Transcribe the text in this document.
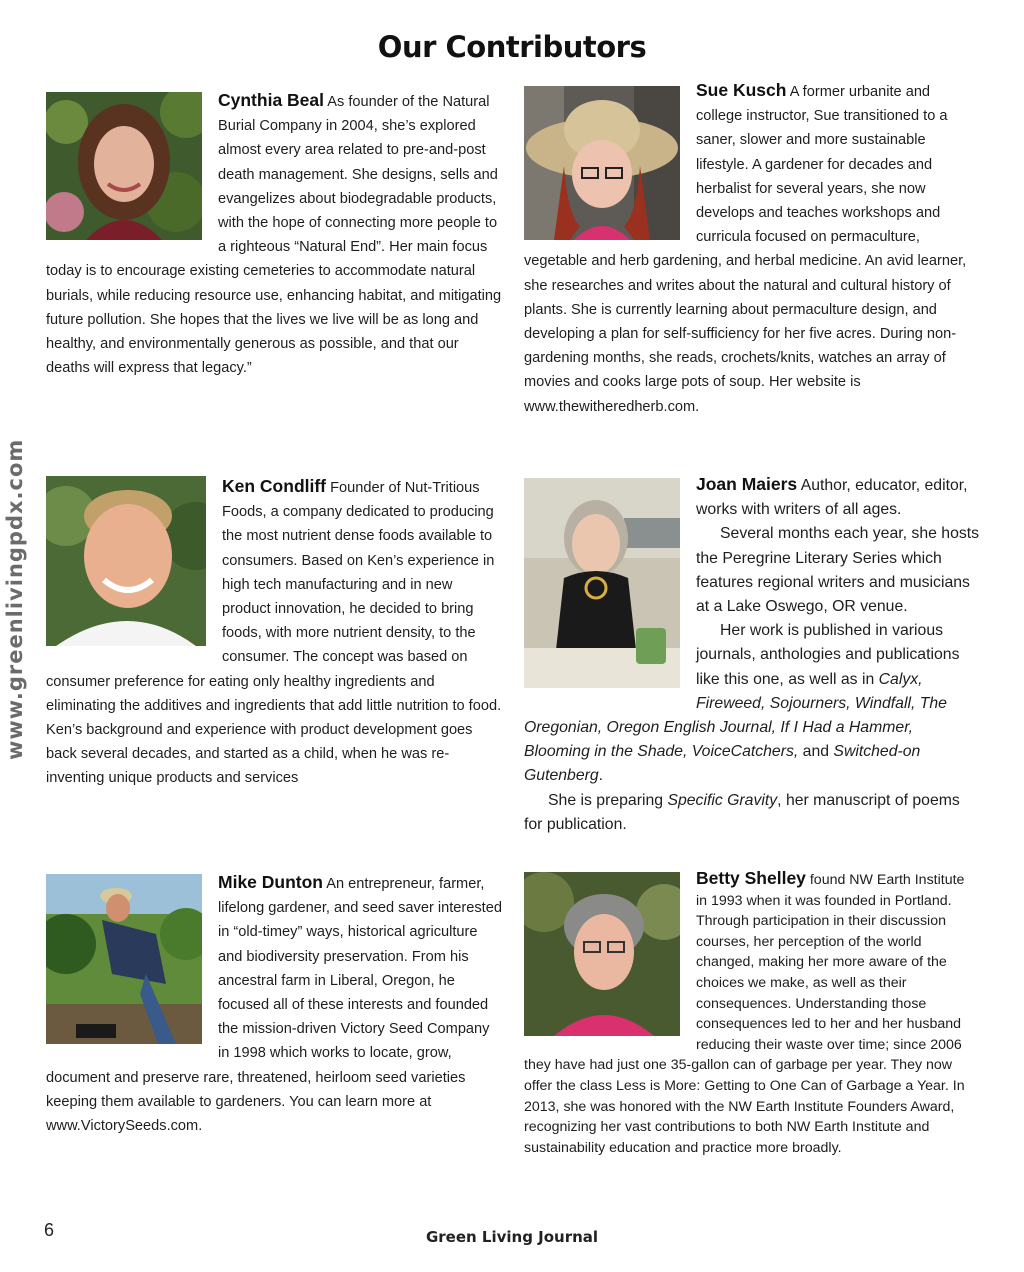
Our Contributors
www.greenlivingpdx.com

Cynthia Beal As founder of the Natural Burial Company in 2004, she’s explored almost every area related to pre-and-post death management. She designs, sells and evangelizes about biodegradable products, with the hope of connecting more people to a righteous “Natural End”. Her main focus today is to encourage existing cemeteries to accommodate natural burials, while reducing resource use, enhancing habitat, and mitigating future pollution. She hopes that the lives we live will be as long and healthy, and environmentally generous as possible, and that our deaths will express that legacy.”

Sue Kusch A former urbanite and college instructor, Sue transitioned to a saner, slower and more sustainable lifestyle. A gardener for decades and herbalist for several years, she now develops and teaches workshops and curricula focused on permaculture, vegetable and herb gardening, and herbal medicine. An avid learner, she researches and writes about the natural and cultural history of plants. She is currently learning about permaculture design, and developing a plan for self-sufficiency for her five acres. During non-gardening months, she reads, crochets/knits, watches an array of movies and cooks large pots of soup. Her website is www.thewitheredherb.com.

Ken Condliff Founder of Nut-Tritious Foods, a company dedicated to producing the most nutrient dense foods available to consumers. Based on Ken’s experience in high tech manufacturing and in new product innovation, he decided to bring foods, with more nutrient density, to the consumer. The concept was based on consumer preference for eating only healthy ingredients and eliminating the additives and ingredients that add little nutrition to food. Ken’s background and experience with product development goes back several decades, and started as a child, when he was re-inventing unique products and services

Joan Maiers Author, educator, editor, works with writers of all ages.

Several months each year, she hosts the Peregrine Literary Series which features regional writers and musicians at a Lake Oswego, OR venue.

Her work is published in various journals, anthologies and publications like this one, as well as in Calyx, Fireweed, Sojourners, Windfall, The Oregonian, Oregon English Journal, If I Had a Hammer, Blooming in the Shade, VoiceCatchers, and Switched-on Gutenberg.

She is preparing Specific Gravity, her manuscript of poems for publication.

Mike Dunton An entrepreneur, farmer, lifelong gardener, and seed saver interested in “old-timey” ways, historical agriculture and biodiversity preservation. From his ancestral farm in Liberal, Oregon, he focused all of these interests and founded the mission-driven Victory Seed Company in 1998 which works to locate, grow, document and preserve rare, threatened, heirloom seed varieties keeping them available to gardeners. You can learn more at www.VictorySeeds.com.

Betty Shelley found NW Earth Institute in 1993 when it was founded in Portland. Through participation in their discussion courses, her perception of the world changed, making her more aware of the choices we make, as well as their consequences. Understanding those consequences led to her and her husband reducing their waste over time; since 2006 they have had just one 35-gallon can of garbage per year. They now offer the class Less is More: Getting to One Can of Garbage a Year. In 2013, she was honored with the NW Earth Institute Founders Award, recognizing her vast contributions to both NW Earth Institute and sustainability education and practice more broadly.

6	Green Living Journal
